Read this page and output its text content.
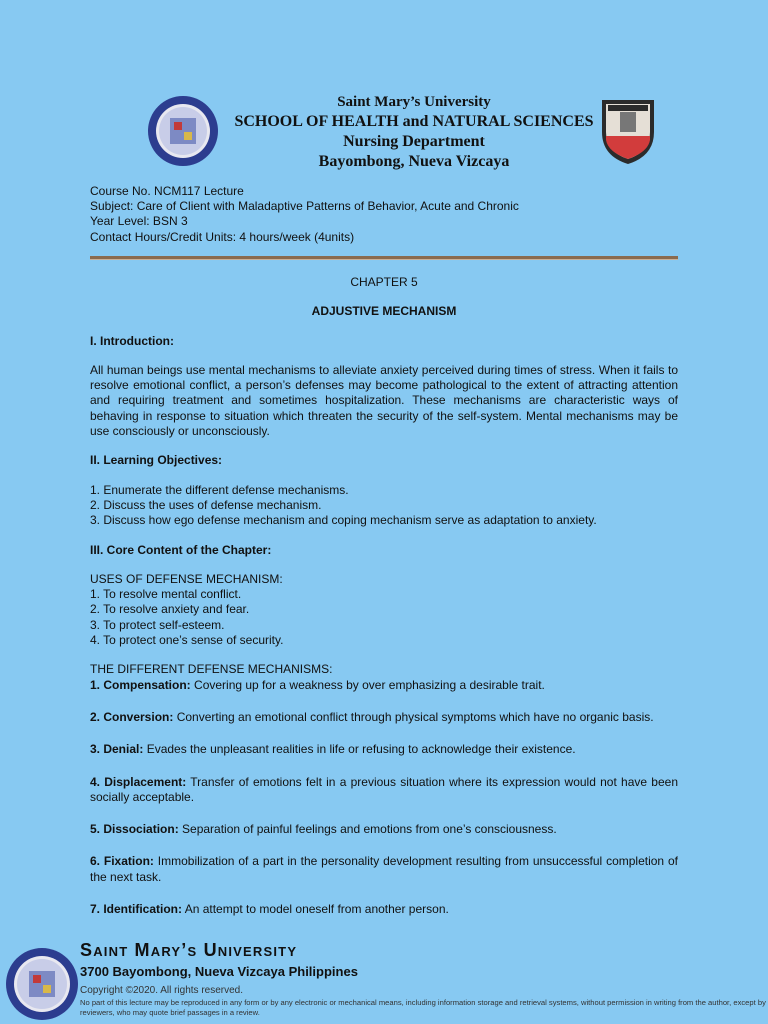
Saint Mary’s University
SCHOOL OF HEALTH and NATURAL SCIENCES
Nursing Department
Bayombong, Nueva Vizcaya
Course No. NCM117 Lecture
Subject: Care of Client with Maladaptive Patterns of Behavior, Acute and Chronic
Year Level: BSN 3
Contact Hours/Credit Units: 4 hours/week (4units)

CHAPTER 5

ADJUSTIVE MECHANISM

I. Introduction:

All human beings use mental mechanisms to alleviate anxiety perceived during times of stress. When it fails to resolve emotional conflict, a person’s defenses may become pathological to the extent of attracting attention and requiring treatment and sometimes hospitalization. These mechanisms are characteristic ways of behaving in response to situation which threaten the security of the self-system. Mental mechanisms may be use consciously or unconsciously.

II. Learning Objectives:

1. Enumerate the different defense mechanisms.

2. Discuss the uses of defense mechanism.

3. Discuss how ego defense mechanism and coping mechanism serve as adaptation to anxiety.

III. Core Content of the Chapter:

USES OF DEFENSE MECHANISM:

1. To resolve mental conflict.

2. To resolve anxiety and fear.

3. To protect self-esteem.

4. To protect one’s sense of security.

THE DIFFERENT DEFENSE MECHANISMS:

1. Compensation: Covering up for a weakness by over emphasizing a desirable trait.

2. Conversion: Converting an emotional conflict through physical symptoms which have no organic basis.

3. Denial: Evades the unpleasant realities in life or refusing to acknowledge their existence.

4. Displacement: Transfer of emotions felt in a previous situation where its expression would not have been socially acceptable.

5. Dissociation: Separation of painful feelings and emotions from one’s consciousness.

6. Fixation: Immobilization of a part in the personality development resulting from unsuccessful completion of the next task.

7. Identification: An attempt to model oneself from another person.

Saint Mary’s University
3700 Bayombong, Nueva Vizcaya Philippines
Copyright ©2020. All rights reserved.
No part of this lecture may be reproduced in any form or by any electronic or mechanical means, including information storage and retrieval systems, without permission in writing from the author, except by reviewers, who may quote brief passages in a review.
